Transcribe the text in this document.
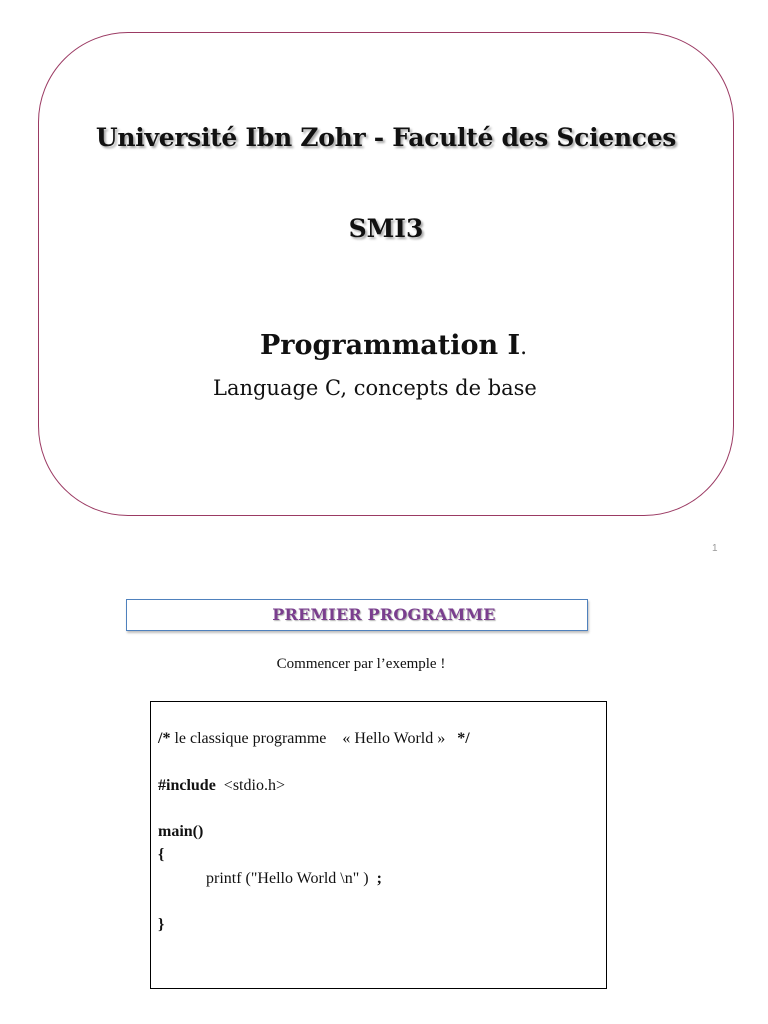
Université Ibn Zohr - Faculté des Sciences
SMI3
Programmation I.
Language C, concepts de base
1
PREMIER PROGRAMME
Commencer par l’exemple !
/* le classique programme    « Hello World »   */
#include  <stdio.h>
main()
{
printf ("Hello World \n" )  ;
}
